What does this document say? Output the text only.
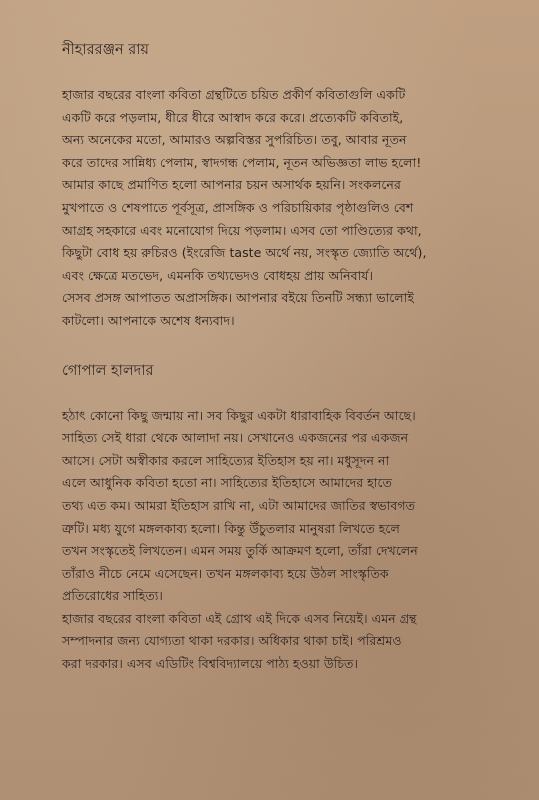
নীহাররঞ্জন রায়

হাজার বছরের বাংলা কবিতা গ্রন্থটিতে চয়িত প্রকীর্ণ কবিতাগুলি একটি
একটি করে পড়লাম, ধীরে ধীরে আস্বাদ করে করে। প্রত্যেকটি কবিতাই,
অন্য অনেকের মতো, আমারও অল্পবিস্তর সুপরিচিত। তবু, আবার নূতন
করে তাদের সান্নিধ্য পেলাম, স্বাদগন্ধ পেলাম, নূতন অভিজ্ঞতা লাভ হলো!
আমার কাছে প্রমাণিত হলো আপনার চয়ন অসার্থক হয়নি। সংকলনের
মুখপাতে ও শেষপাতে পূর্বসূত্র, প্রাসঙ্গিক ও পরিচায়িকার পৃষ্ঠাগুলিও বেশ
আগ্রহ সহকারে এবং মনোযোগ দিয়ে পড়লাম। এসব তো পাণ্ডিত্যের কথা,
কিছুটা বোধ হয় রুচিরও (ইংরেজি taste অর্থে নয়, সংস্কৃত জ্যোতি অর্থে),
এবং ক্ষেত্রে মতভেদ, এমনকি তথ্যভেদও বোধহয় প্রায় অনিবার্য।
সেসব প্রসঙ্গ আপাতত অপ্রাসঙ্গিক। আপনার বইয়ে তিনটি সন্ধ্যা ভালোই
কাটলো। আপনাকে অশেষ ধন্যবাদ।

গোপাল হালদার

হঠাৎ কোনো কিছু জন্মায় না। সব কিছুর একটা ধারাবাহিক বিবর্তন আছে।
সাহিত্য সেই ধারা থেকে আলাদা নয়। সেখানেও একজনের পর একজন
আসে। সেটা অস্বীকার করলে সাহিত্যের ইতিহাস হয় না। মধুসূদন না
এলে আধুনিক কবিতা হতো না। সাহিত্যের ইতিহাসে আমাদের হাতে
তথ্য এত কম। আমরা ইতিহাস রাখি না, এটা আমাদের জাতির স্বভাবগত
ত্রুটি। মধ্য যুগে মঙ্গলকাব্য হলো। কিন্তু উঁচুতলার মানুষরা লিখতে হলে
তখন সংস্কৃতেই লিখতেন। এমন সময় তুর্কি আক্রমণ হলো, তাঁরা দেখলেন
তাঁরাও নীচে নেমে এসেছেন। তখন মঙ্গলকাব্য হয়ে উঠল সাংস্কৃতিক
প্রতিরোধের সাহিত্য।
হাজার বছরের বাংলা কবিতা এই গ্রোথ এই দিকে এসব নিয়েই। এমন গ্রন্থ
সম্পাদনার জন্য যোগ্যতা থাকা দরকার। অধিকার থাকা চাই। পরিশ্রমও
করা দরকার। এসব এডিটিং বিশ্ববিদ্যালয়ে পাঠ্য হওয়া উচিত।
